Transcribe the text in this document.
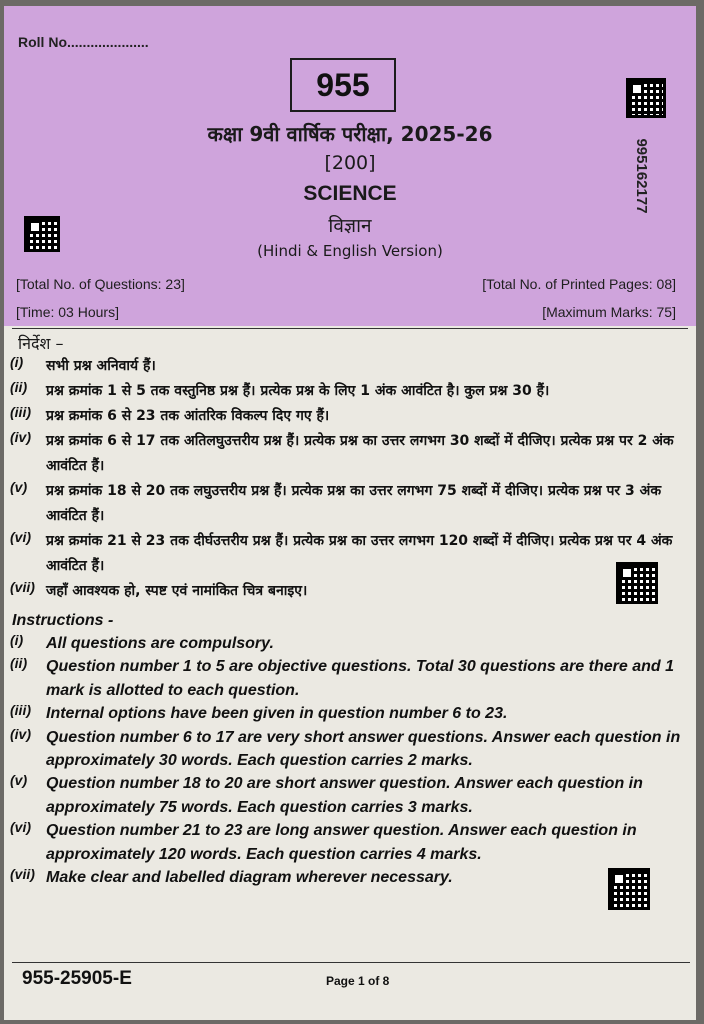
Roll No.....................

955
995162177

कक्षा 9वी वार्षिक परीक्षा, 2025-26

[200]

SCIENCE

विज्ञान

(Hindi & English Version)

[Total No. of Questions: 23]	[Total No. of Printed Pages: 08]

[Time: 03 Hours]	[Maximum Marks: 75]

निर्देश –

(i) सभी प्रश्न अनिवार्य हैं।
(ii) प्रश्न क्रमांक 1 से 5 तक वस्तुनिष्ठ प्रश्न हैं। प्रत्येक प्रश्न के लिए 1 अंक आवंटित है। कुल प्रश्न 30 हैं।
(iii) प्रश्न क्रमांक 6 से 23 तक आंतरिक विकल्प दिए गए हैं।
(iv) प्रश्न क्रमांक 6 से 17 तक अतिलघुउत्तरीय प्रश्न हैं। प्रत्येक प्रश्न का उत्तर लगभग 30 शब्दों में दीजिए। प्रत्येक प्रश्न पर 2 अंक आवंटित हैं।
(v) प्रश्न क्रमांक 18 से 20 तक लघुउत्तरीय प्रश्न हैं। प्रत्येक प्रश्न का उत्तर लगभग 75 शब्दों में दीजिए। प्रत्येक प्रश्न पर 3 अंक आवंटित हैं।
(vi) प्रश्न क्रमांक 21 से 23 तक दीर्घउत्तरीय प्रश्न हैं। प्रत्येक प्रश्न का उत्तर लगभग 120 शब्दों में दीजिए। प्रत्येक प्रश्न पर 4 अंक आवंटित हैं।
(vii) जहाँ आवश्यक हो, स्पष्ट एवं नामांकित चित्र बनाइए।

Instructions -

(i) All questions are compulsory.
(ii) Question number 1 to 5 are objective questions. Total 30 questions are there and 1 mark is allotted to each question.
(iii) Internal options have been given in question number 6 to 23.
(iv) Question number 6 to 17 are very short answer questions. Answer each question in approximately 30 words. Each question carries 2 marks.
(v) Question number 18 to 20 are short answer question. Answer each question in approximately 75 words. Each question carries 3 marks.
(vi) Question number 21 to 23 are long answer question. Answer each question in approximately 120 words. Each question carries 4 marks.
(vii) Make clear and labelled diagram wherever necessary.

955-25905-E	Page 1 of 8
